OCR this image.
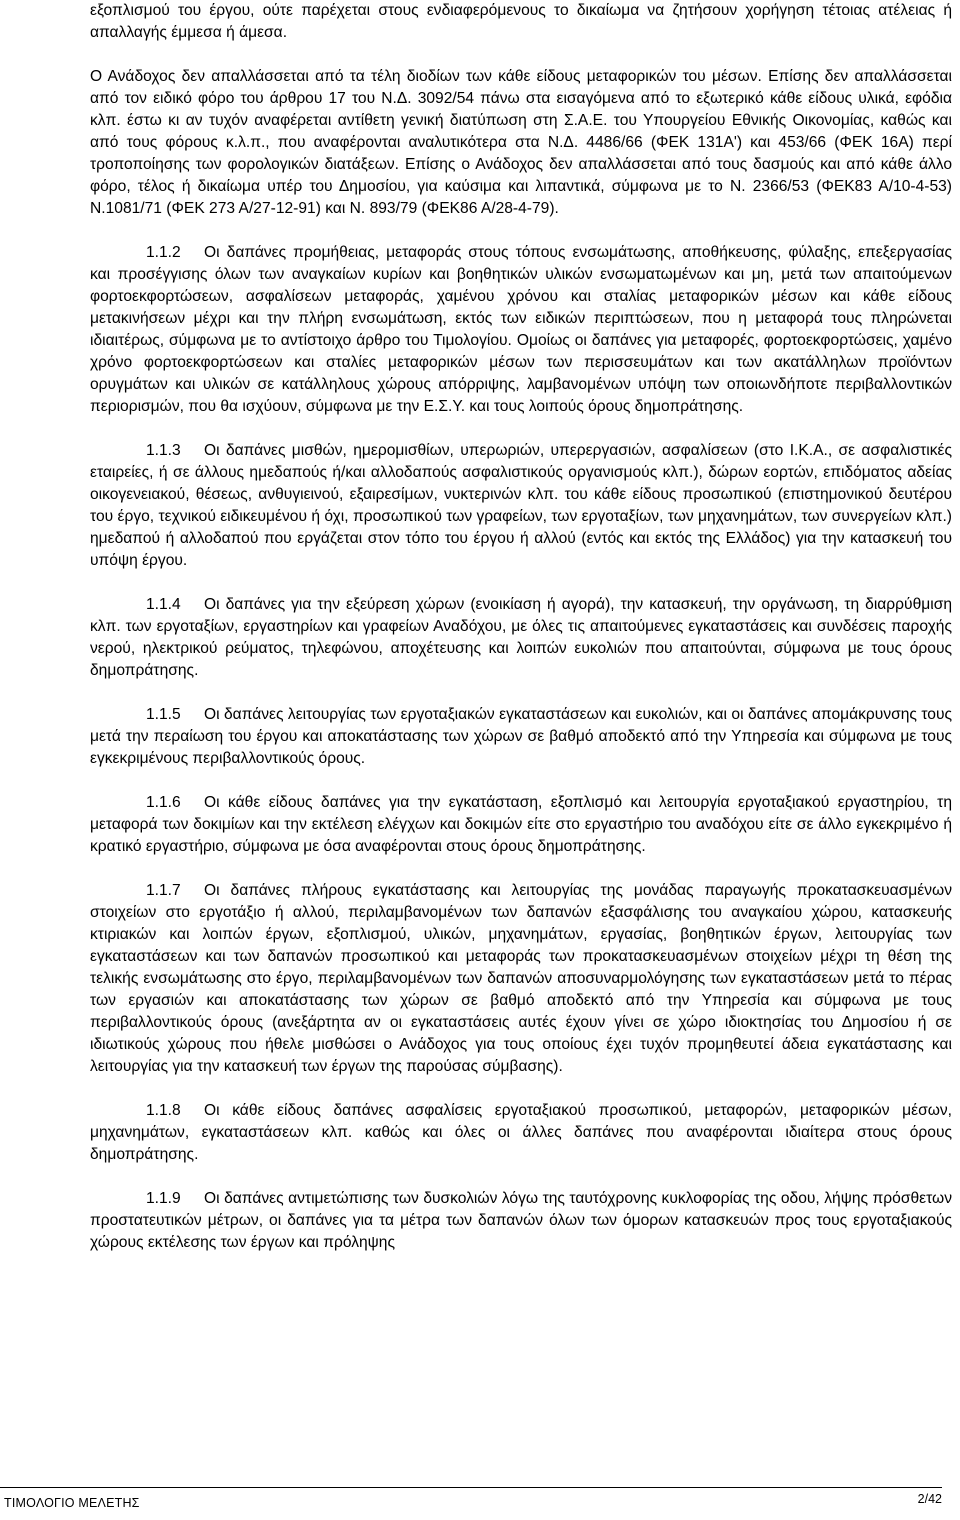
εξοπλισμού του έργου, ούτε παρέχεται στους ενδιαφερόμενους το δικαίωμα να ζητήσουν χορήγηση τέτοιας ατέλειας ή απαλλαγής έμμεσα ή άμεσα.

Ο Ανάδοχος δεν απαλλάσσεται από τα τέλη διοδίων των κάθε είδους μεταφορικών του μέσων. Επίσης δεν απαλλάσσεται από τον ειδικό φόρο του άρθρου 17 του Ν.Δ. 3092/54 πάνω στα εισαγόμενα από το εξωτερικό κάθε είδους υλικά, εφόδια κλπ. έστω κι αν τυχόν αναφέρεται αντίθετη γενική διατύπωση στη Σ.Α.Ε. του Υπουργείου Εθνικής Οικονομίας, καθώς και από τους φόρους κ.λ.π., που αναφέρονται αναλυτικότερα στα Ν.Δ. 4486/66 (ΦΕΚ 131Α') και 453/66 (ΦΕΚ 16Α) περί τροποποίησης των φορολογικών διατάξεων. Επίσης ο Ανάδοχος δεν απαλλάσσεται από τους δασμούς και από κάθε άλλο φόρο, τέλος ή δικαίωμα υπέρ του Δημοσίου, για καύσιμα και λιπαντικά, σύμφωνα με το Ν. 2366/53 (ΦΕΚ83 Α/10-4-53) Ν.1081/71 (ΦΕΚ 273 Α/27-12-91) και Ν. 893/79 (ΦΕΚ86 Α/28-4-79).

1.1.2 Οι δαπάνες προμήθειας, μεταφοράς στους τόπους ενσωμάτωσης, αποθήκευσης, φύλαξης, επεξεργασίας και προσέγγισης όλων των αναγκαίων κυρίων και βοηθητικών υλικών ενσωματωμένων και μη, μετά των απαιτούμενων φορτοεκφορτώσεων, ασφαλίσεων μεταφοράς, χαμένου χρόνου και σταλίας μεταφορικών μέσων και κάθε είδους μετακινήσεων μέχρι και την πλήρη ενσωμάτωση, εκτός των ειδικών περιπτώσεων, που η μεταφορά τους πληρώνεται ιδιαιτέρως, σύμφωνα με το αντίστοιχο άρθρο του Τιμολογίου. Ομοίως οι δαπάνες για μεταφορές, φορτοεκφορτώσεις, χαμένο χρόνο φορτοεκφορτώσεων και σταλίες μεταφορικών μέσων των περισσευμάτων και των ακατάλληλων προϊόντων ορυγμάτων και υλικών σε κατάλληλους χώρους απόρριψης, λαμβανομένων υπόψη των οποιωνδήποτε περιβαλλοντικών περιορισμών, που θα ισχύουν, σύμφωνα με την Ε.Σ.Υ. και τους λοιπούς όρους δημοπράτησης.

1.1.3 Οι δαπάνες μισθών, ημερομισθίων, υπερωριών, υπερεργασιών, ασφαλίσεων (στο Ι.Κ.Α., σε ασφαλιστικές εταιρείες, ή σε άλλους ημεδαπούς ή/και αλλοδαπούς ασφαλιστικούς οργανισμούς κλπ.), δώρων εορτών, επιδόματος αδείας οικογενειακού, θέσεως, ανθυγιεινού, εξαιρεσίμων, νυκτερινών κλπ. του κάθε είδους προσωπικού (επιστημονικού δευτέρου του έργο, τεχνικού ειδικευμένου ή όχι, προσωπικού των γραφείων, των εργοταξίων, των μηχανημάτων, των συνεργείων κλπ.) ημεδαπού ή αλλοδαπού που εργάζεται στον τόπο του έργου ή αλλού (εντός και εκτός της Ελλάδος) για την κατασκευή του υπόψη έργου.

1.1.4 Οι δαπάνες για την εξεύρεση χώρων (ενοικίαση ή αγορά), την κατασκευή, την οργάνωση, τη διαρρύθμιση κλπ. των εργοταξίων, εργαστηρίων και γραφείων Αναδόχου, με όλες τις απαιτούμενες εγκαταστάσεις και συνδέσεις παροχής νερού, ηλεκτρικού ρεύματος, τηλεφώνου, αποχέτευσης και λοιπών ευκολιών που απαιτούνται, σύμφωνα με τους όρους δημοπράτησης.

1.1.5 Οι δαπάνες λειτουργίας των εργοταξιακών εγκαταστάσεων και ευκολιών, και οι δαπάνες απομάκρυνσης τους μετά την περαίωση του έργου και αποκατάστασης των χώρων σε βαθμό αποδεκτό από την Υπηρεσία και σύμφωνα με τους εγκεκριμένους περιβαλλοντικούς όρους.

1.1.6 Οι κάθε είδους δαπάνες για την εγκατάσταση, εξοπλισμό και λειτουργία εργοταξιακού εργαστηρίου, τη μεταφορά των δοκιμίων και την εκτέλεση ελέγχων και δοκιμών είτε στο εργαστήριο του αναδόχου είτε σε άλλο εγκεκριμένο ή κρατικό εργαστήριο, σύμφωνα με όσα αναφέρονται στους όρους δημοπράτησης.

1.1.7 Οι δαπάνες πλήρους εγκατάστασης και λειτουργίας της μονάδας παραγωγής προκατασκευασμένων στοιχείων στο εργοτάξιο ή αλλού, περιλαμβανομένων των δαπανών εξασφάλισης του αναγκαίου χώρου, κατασκευής κτιριακών και λοιπών έργων, εξοπλισμού, υλικών, μηχανημάτων, εργασίας, βοηθητικών έργων, λειτουργίας των εγκαταστάσεων και των δαπανών προσωπικού και μεταφοράς των προκατασκευασμένων στοιχείων μέχρι τη θέση της τελικής ενσωμάτωσης στο έργο, περιλαμβανομένων των δαπανών αποσυναρμολόγησης των εγκαταστάσεων μετά το πέρας των εργασιών και αποκατάστασης των χώρων σε βαθμό αποδεκτό από την Υπηρεσία και σύμφωνα με τους περιβαλλοντικούς όρους (ανεξάρτητα αν οι εγκαταστάσεις αυτές έχουν γίνει σε χώρο ιδιοκτησίας του Δημοσίου ή σε ιδιωτικούς χώρους που ήθελε μισθώσει ο Ανάδοχος για τους οποίους έχει τυχόν προμηθευτεί άδεια εγκατάστασης και λειτουργίας για την κατασκευή των έργων της παρούσας σύμβασης).

1.1.8 Οι κάθε είδους δαπάνες ασφαλίσεις εργοταξιακού προσωπικού, μεταφορών, μεταφορικών μέσων, μηχανημάτων, εγκαταστάσεων κλπ. καθώς και όλες οι άλλες δαπάνες που αναφέρονται ιδιαίτερα στους όρους δημοπράτησης.

1.1.9 Οι δαπάνες αντιμετώπισης των δυσκολιών λόγω της ταυτόχρονης κυκλοφορίας της οδου, λήψης πρόσθετων προστατευτικών μέτρων, οι δαπάνες για τα μέτρα των δαπανών όλων των όμορων κατασκευών προς τους εργοταξιακούς χώρους εκτέλεσης των έργων και πρόληψης

ΤΙΜΟΛΟΓΙΟ ΜΕΛΕΤΗΣ	2/42
